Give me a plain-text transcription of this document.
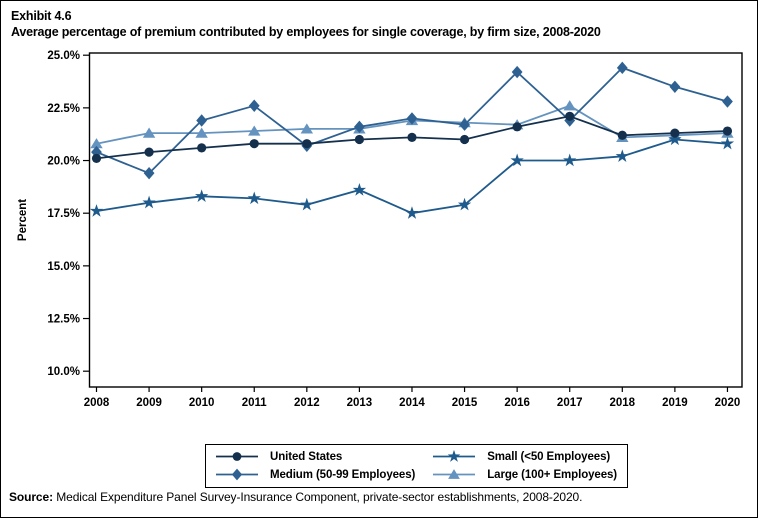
Exhibit 4.6
Average percentage of premium contributed by employees for single coverage, by firm size, 2008-2020
25.0%
22.5%
20.0%
17.5%
15.0%
12.5%
10.0%
2008 2009 2010 2011 2012 2013 2014 2015 2016 2017 2018 2019 2020
Percent
United States
Medium (50-99 Employees)
Small (<50 Employees)
Large (100+ Employees)
Source: Medical Expenditure Panel Survey-Insurance Component, private-sector establishments, 2008-2020.
